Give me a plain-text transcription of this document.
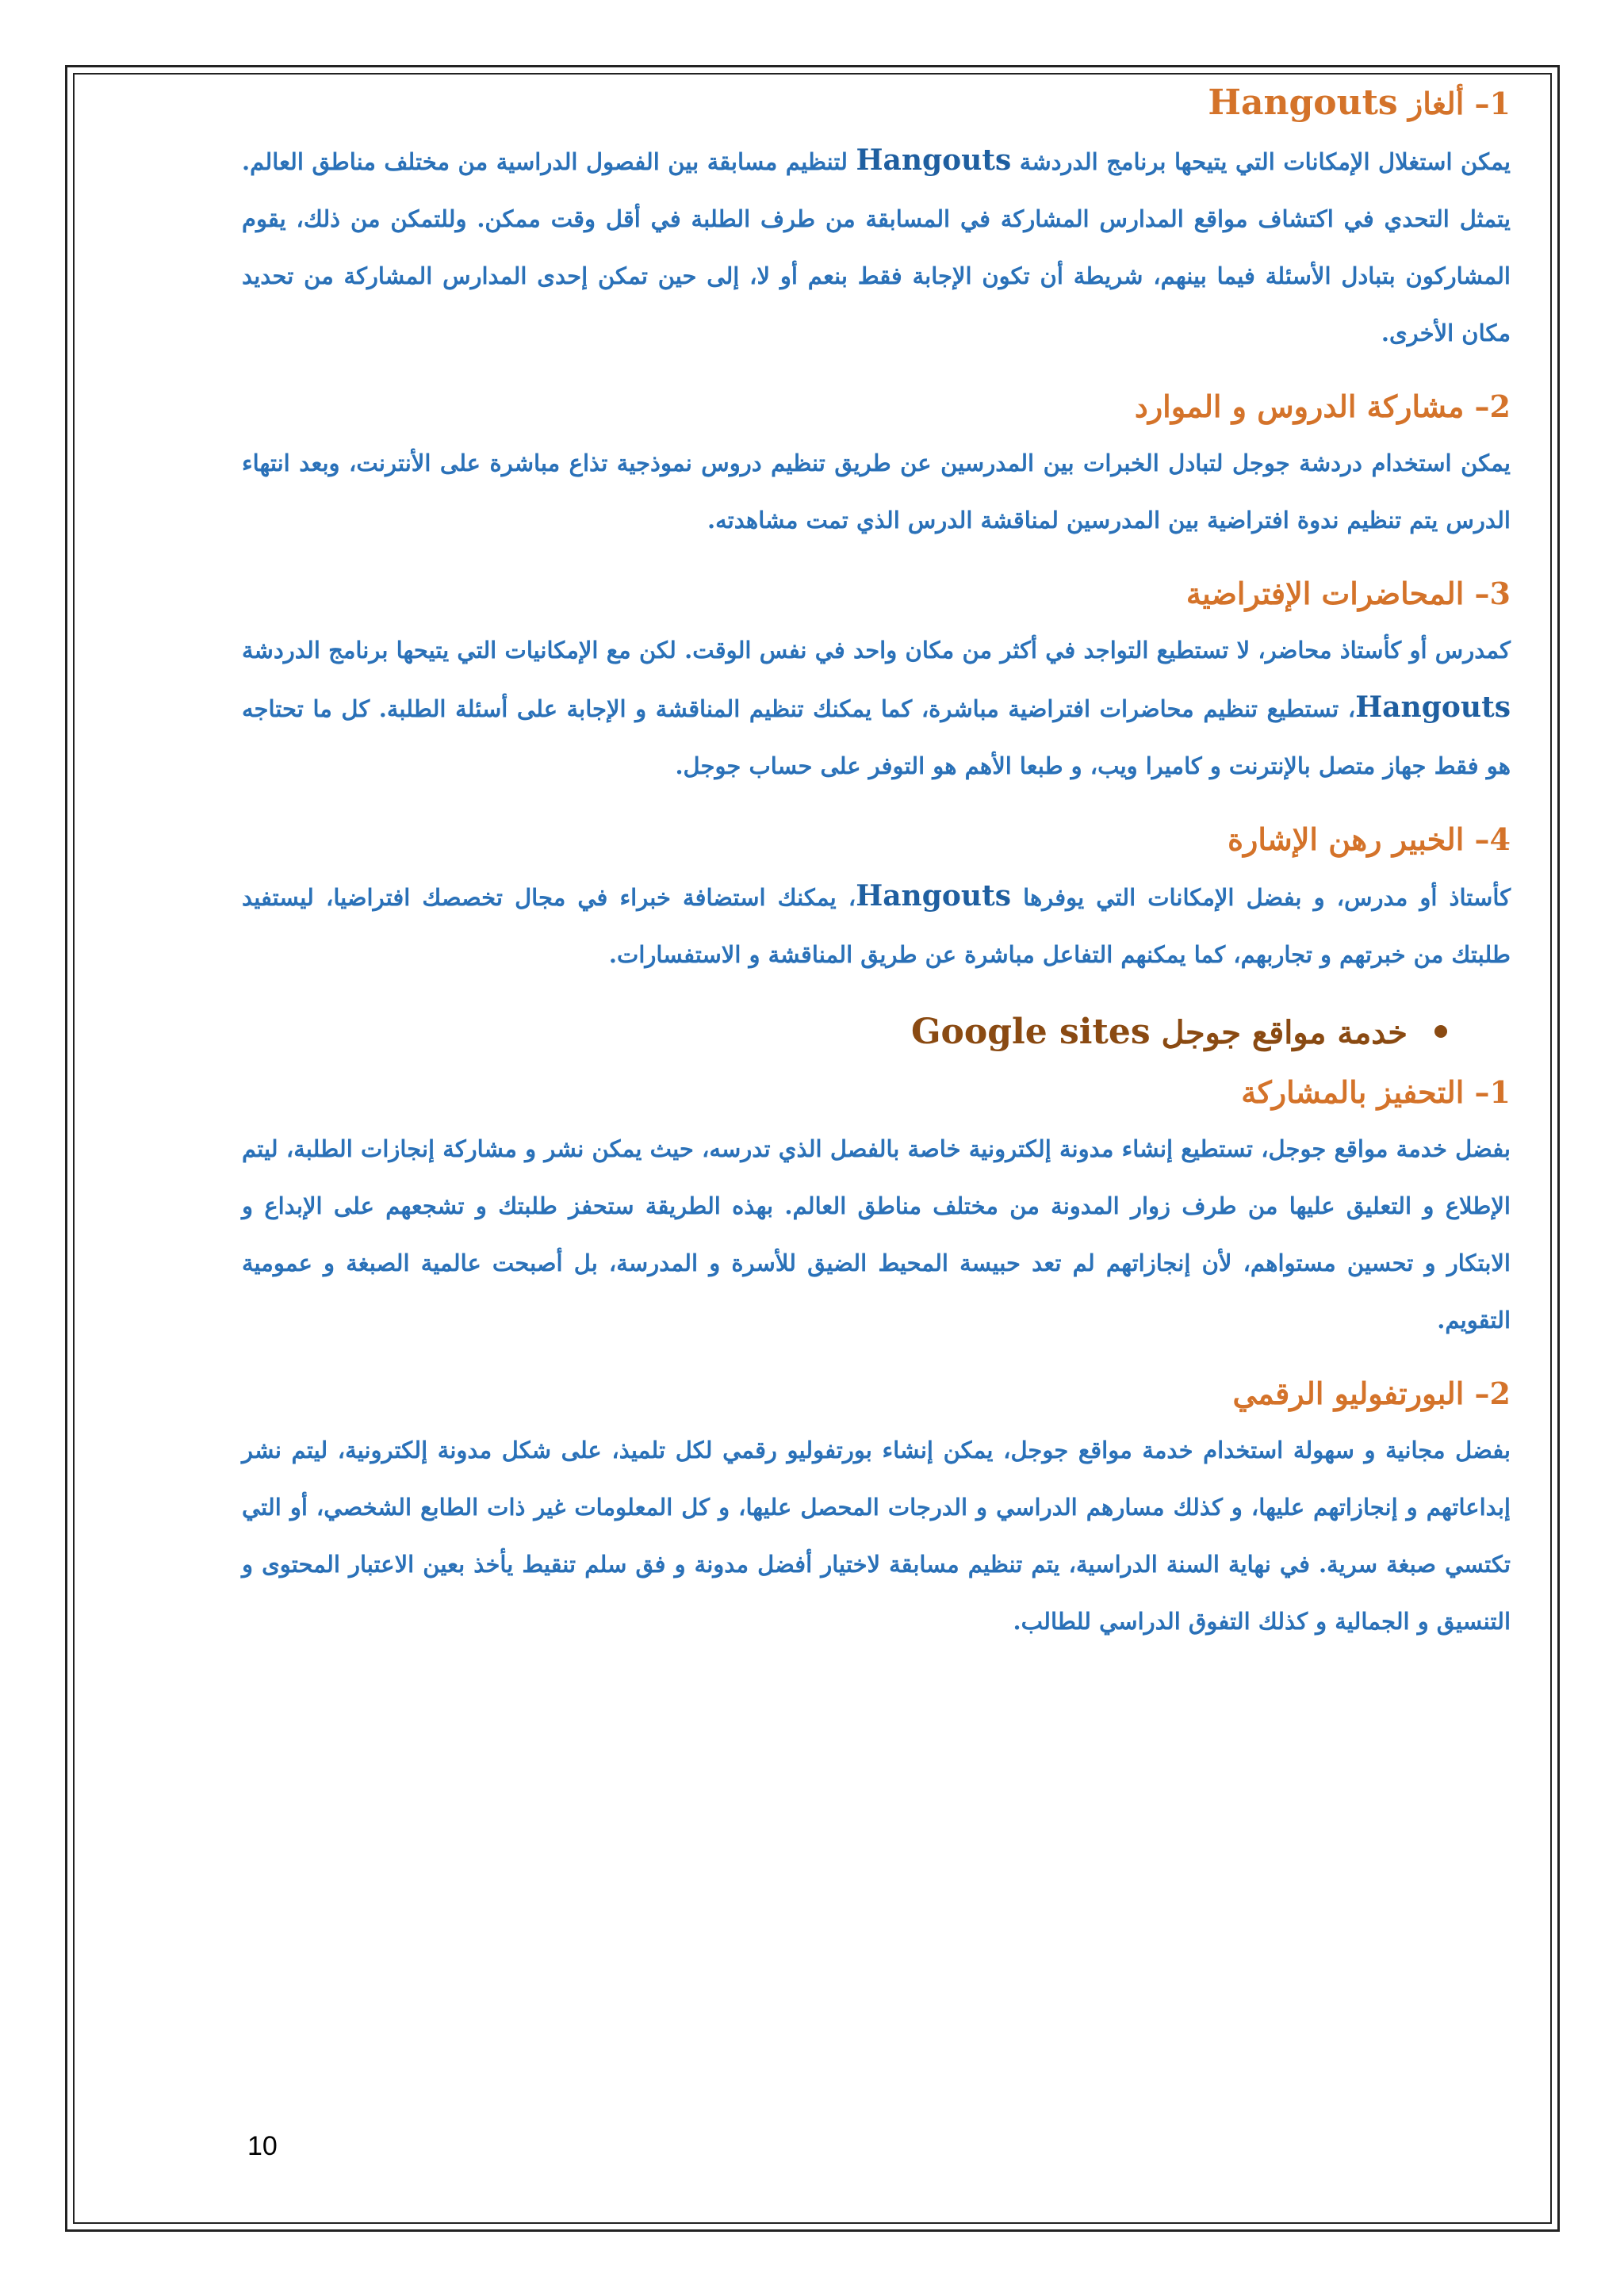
1– ألغاز Hangouts

يمكن استغلال الإمكانات التي يتيحها برنامج الدردشة Hangouts لتنظيم مسابقة بين الفصول الدراسية من مختلف مناطق العالم. يتمثل التحدي في اكتشاف مواقع المدارس المشاركة في المسابقة من طرف الطلبة في أقل وقت ممكن. وللتمكن من ذلك، يقوم المشاركون بتبادل الأسئلة فيما بينهم، شريطة أن تكون الإجابة فقط بنعم أو لا، إلى حين تمكن إحدى المدارس المشاركة من تحديد مكان الأخرى.

2– مشاركة الدروس و الموارد

يمكن استخدام دردشة جوجل لتبادل الخبرات بين المدرسين عن طريق تنظيم دروس نموذجية تذاع مباشرة على الأنترنت، وبعد انتهاء الدرس يتم تنظيم ندوة افتراضية بين المدرسين لمناقشة الدرس الذي تمت مشاهدته.

3– المحاضرات الإفتراضية

كمدرس أو كأستاذ محاضر، لا تستطيع التواجد في أكثر من مكان واحد في نفس الوقت. لكن مع الإمكانيات التي يتيحها برنامج الدردشة Hangouts، تستطيع تنظيم محاضرات افتراضية مباشرة، كما يمكنك تنظيم المناقشة و الإجابة على أسئلة الطلبة. كل ما تحتاجه هو فقط جهاز متصل بالإنترنت و كاميرا ويب، و طبعا الأهم هو التوفر على حساب جوجل.

4– الخبير رهن الإشارة

كأستاذ أو مدرس، و بفضل الإمكانات التي يوفرها Hangouts، يمكنك استضافة خبراء في مجال تخصصك افتراضيا، ليستفيد طلبتك من خبرتهم و تجاربهم، كما يمكنهم التفاعل مباشرة عن طريق المناقشة و الاستفسارات.

خدمة مواقع جوجل Google sites
1– التحفيز بالمشاركة

بفضل خدمة مواقع جوجل، تستطيع إنشاء مدونة إلكترونية خاصة بالفصل الذي تدرسه، حيث يمكن نشر و مشاركة إنجازات الطلبة، ليتم الإطلاع و التعليق عليها من طرف زوار المدونة من مختلف مناطق العالم. بهذه الطريقة ستحفز طلبتك و تشجعهم على الإبداع و الابتكار و تحسين مستواهم، لأن إنجازاتهم لم تعد حبيسة المحيط الضيق للأسرة و المدرسة، بل أصبحت عالمية الصبغة و عمومية التقويم.

2– البورتفوليو الرقمي

بفضل مجانية و سهولة استخدام خدمة مواقع جوجل، يمكن إنشاء بورتفوليو رقمي لكل تلميذ، على شكل مدونة إلكترونية، ليتم نشر إبداعاتهم و إنجازاتهم عليها، و كذلك مسارهم الدراسي و الدرجات المحصل عليها، و كل المعلومات غير ذات الطابع الشخصي، أو التي تكتسي صبغة سرية. في نهاية السنة الدراسية، يتم تنظيم مسابقة لاختيار أفضل مدونة و فق سلم تنقيط يأخذ بعين الاعتبار المحتوى و التنسيق و الجمالية و كذلك التفوق الدراسي للطالب.

10
